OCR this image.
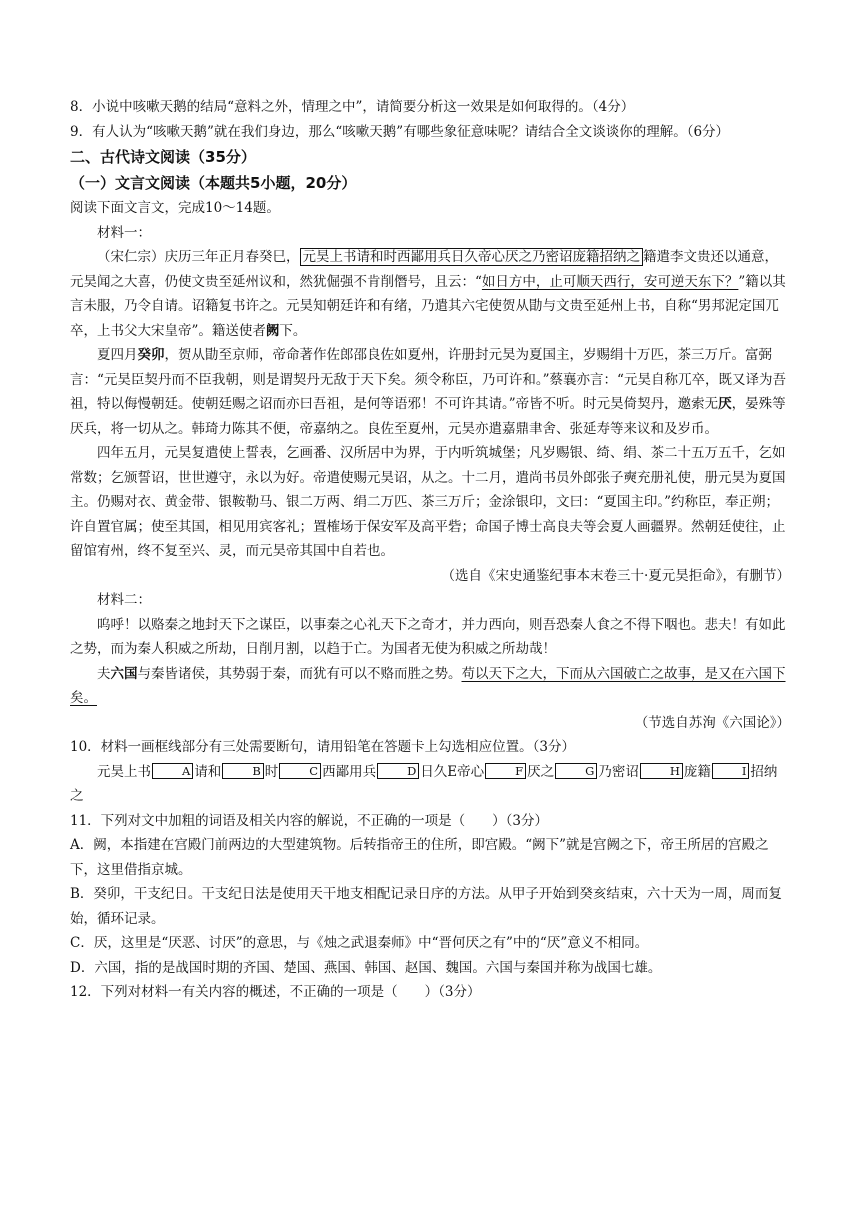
8．小说中咳嗽天鹅的结局“意料之外，情理之中”，请简要分析这一效果是如何取得的。（4分）

9．有人认为“咳嗽天鹅”就在我们身边，那么“咳嗽天鹅”有哪些象征意味呢？请结合全文谈谈你的理解。（6分）

二、古代诗文阅读（35分）

（一）文言文阅读（本题共5小题，20分）

阅读下面文言文，完成10～14题。

材料一：

（宋仁宗）庆历三年正月春癸巳， 元昊上书请和时西鄙用兵日久帝心厌之乃密诏庞籍招纳之 籍遣李文贵还以通意，元昊闻之大喜，仍使文贵至延州议和，然犹倔强不肯削僭号，且云：“如日方中，止可顺天西行，安可逆天东下？”籍以其言未服，乃令自请。诏籍复书许之。元昊知朝廷许和有绪，乃遣其六宅使贺从勖与文贵至延州上书，自称“男邦泥定国兀卒，上书父大宋皇帝”。籍送使者阙下。

夏四月癸卯，贺从勖至京师，帝命著作佐郎邵良佐如夏州，许册封元昊为夏国主，岁赐绢十万匹，茶三万斤。富弼言：“元昊臣契丹而不臣我朝，则是谓契丹无敌于天下矣。须令称臣，乃可许和。”蔡襄亦言：“元昊自称兀卒，既又译为吾祖，特以侮慢朝廷。使朝廷赐之诏而亦曰吾祖，是何等语邪！不可许其请。”帝皆不听。时元昊倚契丹，邀索无厌，晏殊等厌兵，将一切从之。韩琦力陈其不便，帝嘉纳之。良佐至夏州，元昊亦遣嘉鼎聿舍、张延寿等来议和及岁币。

四年五月，元昊复遣使上誓表，乞画番、汉所居中为界，于内听筑城堡；凡岁赐银、绮、绢、茶二十五万五千，乞如常数；乞颁誓诏，世世遵守，永以为好。帝遣使赐元昊诏，从之。十二月，遣尚书员外郎张子奭充册礼使，册元昊为夏国主。仍赐对衣、黄金带、银鞍勒马、银二万两、绢二万匹、茶三万斤；金涂银印，文曰：“夏国主印。”约称臣，奉正朔；许自置官属；使至其国，相见用宾客礼；置榷场于保安军及高平砦；命国子博士高良夫等会夏人画疆界。然朝廷使往，止留馆宥州，终不复至兴、灵，而元昊帝其国中自若也。

（选自《宋史通鉴纪事本末卷三十·夏元昊拒命》，有删节）

材料二：

呜呼！以赂秦之地封天下之谋臣，以事秦之心礼天下之奇才，并力西向，则吾恐秦人食之不得下咽也。悲夫！有如此之势，而为秦人积威之所劫，日削月割，以趋于亡。为国者无使为积威之所劫哉！

夫六国与秦皆诸侯，其势弱于秦，而犹有可以不赂而胜之势。苟以天下之大，下而从六国破亡之故事，是又在六国下矣。

（节选自苏洵《六国论》）

10．材料一画框线部分有三处需要断句，请用铅笔在答题卡上勾选相应位置。（3分）

元昊上书	A 请和	B 时	C 西鄙用兵	D 日久E帝心	F 厌之	G 乃密诏	H 庞籍	I 招纳之

11．下列对文中加粗的词语及相关内容的解说，不正确的一项是（　　）（3分）

A．阙，本指建在宫殿门前两边的大型建筑物。后转指帝王的住所，即宫殿。“阙下”就是宫阙之下，帝王所居的宫殿之下，这里借指京城。

B．癸卯，干支纪日。干支纪日法是使用天干地支相配记录日序的方法。从甲子开始到癸亥结束，六十天为一周，周而复始，循环记录。

C．厌，这里是“厌恶、讨厌”的意思，与《烛之武退秦师》中“晋何厌之有”中的“厌”意义不相同。

D．六国，指的是战国时期的齐国、楚国、燕国、韩国、赵国、魏国。六国与秦国并称为战国七雄。

12．下列对材料一有关内容的概述，不正确的一项是（　　）（3分）
